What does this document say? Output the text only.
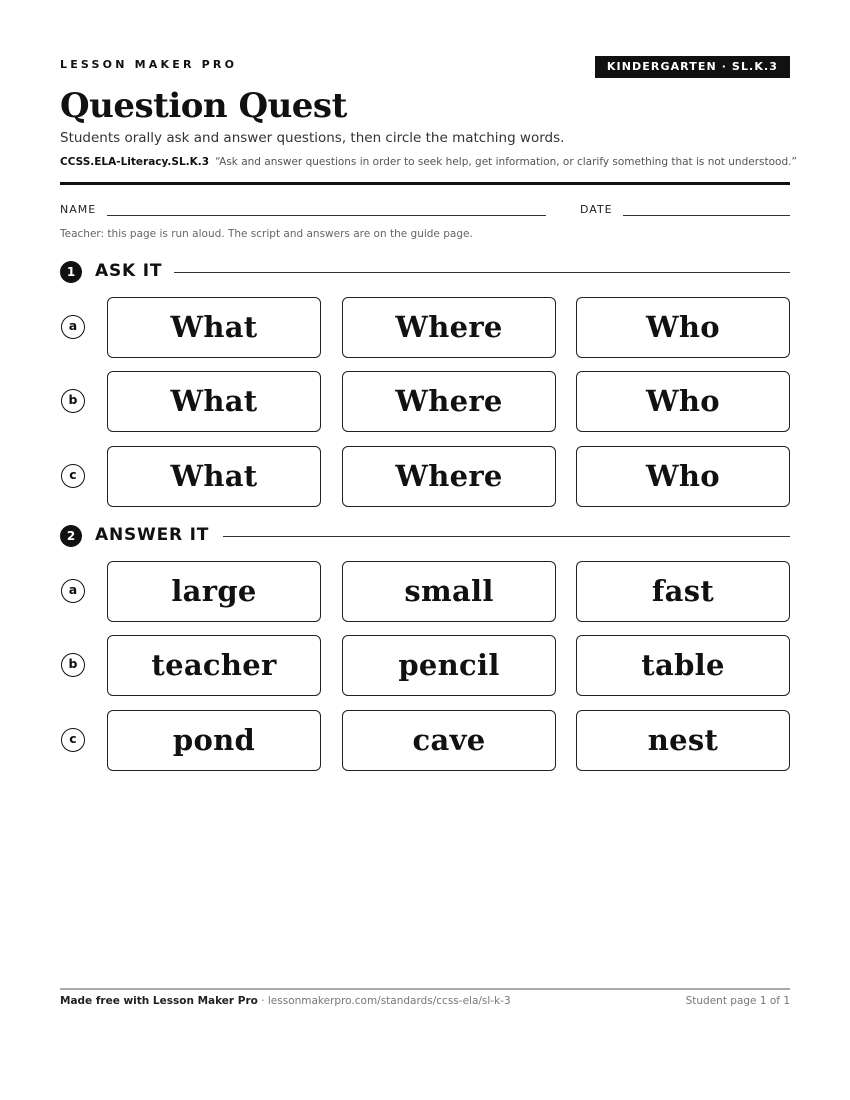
LESSON MAKER PRO	KINDERGARTEN · SL.K.3
Question Quest
Students orally ask and answer questions, then circle the matching words.
CCSS.ELA-Literacy.SL.K.3 “Ask and answer questions in order to seek help, get information, or clarify something that is not understood.”
NAME	DATE
Teacher: this page is run aloud. The script and answers are on the guide page.
1	ASK IT
a	What	Where	Who
b	What	Where	Who
c	What	Where	Who
2	ANSWER IT
a	large	small	fast
b	teacher	pencil	table
c	pond	cave	nest
Made free with Lesson Maker Pro · lessonmakerpro.com/standards/ccss-ela/sl-k-3	Student page 1 of 1
